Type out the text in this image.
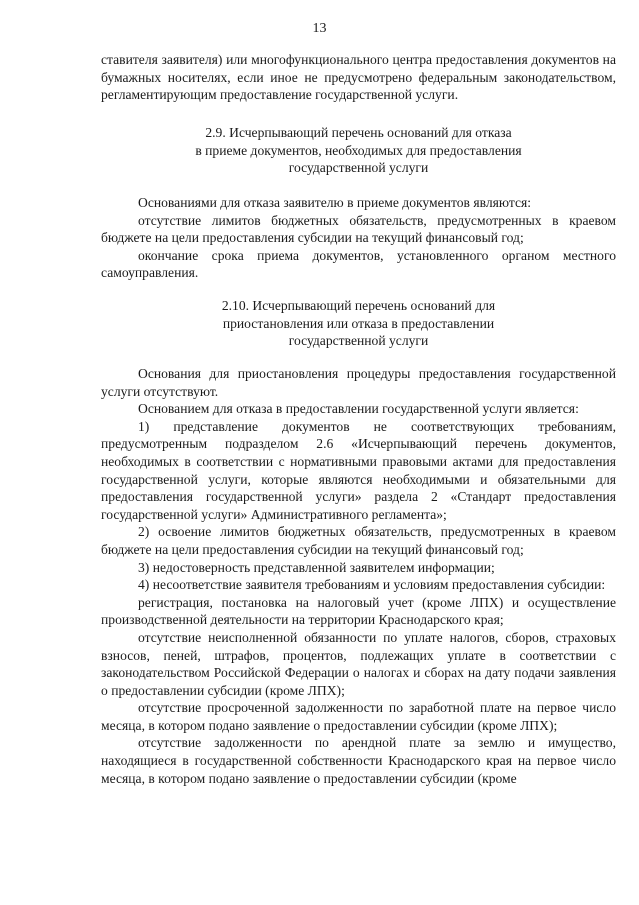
13

ставителя заявителя) или многофункционального центра предоставления документов на бумажных носителях, если иное не предусмотрено федеральным законодательством, регламентирующим предоставление государственной услуги.

2.9. Исчерпывающий перечень оснований для отказа

в приеме документов, необходимых для предоставления

государственной услуги

Основаниями для отказа заявителю в приеме документов являются:

отсутствие лимитов бюджетных обязательств, предусмотренных в краевом бюджете на цели предоставления субсидии на текущий финансовый год;

окончание срока приема документов, установленного органом местного самоуправления.

2.10. Исчерпывающий перечень оснований для

приостановления или отказа в предоставлении

государственной услуги

Основания для приостановления процедуры предоставления государственной услуги отсутствуют.

Основанием для отказа в предоставлении государственной услуги является:

1) представление документов не соответствующих требованиям, предусмотренным подразделом 2.6 «Исчерпывающий перечень документов, необходимых в соответствии с нормативными правовыми актами для предоставления государственной услуги, которые являются необходимыми и обязательными для предоставления государственной услуги» раздела 2 «Стандарт предоставления государственной услуги» Административного регламента»;

2) освоение лимитов бюджетных обязательств, предусмотренных в краевом бюджете на цели предоставления субсидии на текущий финансовый год;

3) недостоверность представленной заявителем информации;

4) несоответствие заявителя требованиям и условиям предоставления субсидии:

регистрация, постановка на налоговый учет (кроме ЛПХ) и осуществление производственной деятельности на территории Краснодарского края;

отсутствие неисполненной обязанности по уплате налогов, сборов, страховых взносов, пеней, штрафов, процентов, подлежащих уплате в соответствии с законодательством Российской Федерации о налогах и сборах на дату подачи заявления о предоставлении субсидии (кроме ЛПХ);

отсутствие просроченной задолженности по заработной плате на первое число месяца, в котором подано заявление о предоставлении субсидии (кроме ЛПХ);

отсутствие задолженности по арендной плате за землю и имущество, находящиеся в государственной собственности Краснодарского края на первое число месяца, в котором подано заявление о предоставлении субсидии (кроме
